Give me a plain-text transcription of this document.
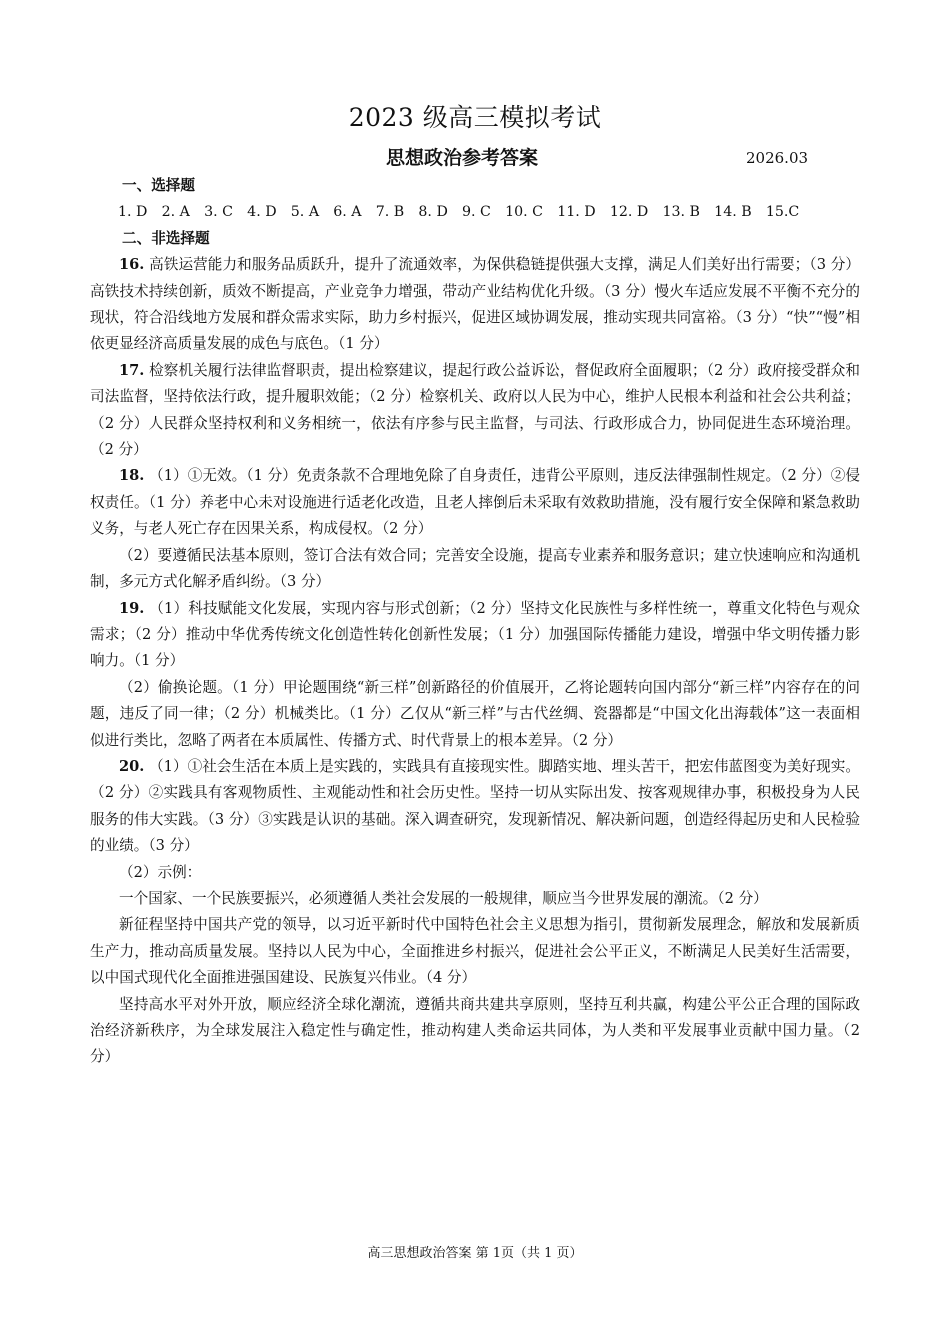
2023 级高三模拟考试
思想政治参考答案	2026.03
一、选择题
1. D　2. A　3. C　4. D　5. A　6. A　7. B　8. D　9. C　10. C　11. D　12. D　13. B　14. B　15.C
二、非选择题

16. 高铁运营能力和服务品质跃升，提升了流通效率，为保供稳链提供强大支撑，满足人们美好出行需要；（3 分）高铁技术持续创新，质效不断提高，产业竞争力增强，带动产业结构优化升级。（3 分）慢火车适应发展不平衡不充分的现状，符合沿线地方发展和群众需求实际，助力乡村振兴，促进区域协调发展，推动实现共同富裕。（3 分）“快”“慢”相依更显经济高质量发展的成色与底色。（1 分）

17. 检察机关履行法律监督职责，提出检察建议，提起行政公益诉讼，督促政府全面履职；（2 分）政府接受群众和司法监督，坚持依法行政，提升履职效能；（2 分）检察机关、政府以人民为中心，维护人民根本利益和社会公共利益；（2 分）人民群众坚持权利和义务相统一，依法有序参与民主监督，与司法、行政形成合力，协同促进生态环境治理。（2 分）

18. （1）①无效。（1 分）免责条款不合理地免除了自身责任，违背公平原则，违反法律强制性规定。（2 分）②侵权责任。（1 分）养老中心未对设施进行适老化改造，且老人摔倒后未采取有效救助措施，没有履行安全保障和紧急救助义务，与老人死亡存在因果关系，构成侵权。（2 分）

（2）要遵循民法基本原则，签订合法有效合同；完善安全设施，提高专业素养和服务意识；建立快速响应和沟通机制，多元方式化解矛盾纠纷。（3 分）

19. （1）科技赋能文化发展，实现内容与形式创新；（2 分）坚持文化民族性与多样性统一，尊重文化特色与观众需求；（2 分）推动中华优秀传统文化创造性转化创新性发展；（1 分）加强国际传播能力建设，增强中华文明传播力影响力。（1 分）

（2）偷换论题。（1 分）甲论题围绕“新三样”创新路径的价值展开，乙将论题转向国内部分“新三样”内容存在的问题，违反了同一律；（2 分）机械类比。（1 分）乙仅从“新三样”与古代丝绸、瓷器都是“中国文化出海载体”这一表面相似进行类比，忽略了两者在本质属性、传播方式、时代背景上的根本差异。（2 分）

20. （1）①社会生活在本质上是实践的，实践具有直接现实性。脚踏实地、埋头苦干，把宏伟蓝图变为美好现实。（2 分）②实践具有客观物质性、主观能动性和社会历史性。坚持一切从实际出发、按客观规律办事，积极投身为人民服务的伟大实践。（3 分）③实践是认识的基础。深入调查研究，发现新情况、解决新问题，创造经得起历史和人民检验的业绩。（3 分）

（2）示例：

一个国家、一个民族要振兴，必须遵循人类社会发展的一般规律，顺应当今世界发展的潮流。（2 分）

新征程坚持中国共产党的领导，以习近平新时代中国特色社会主义思想为指引，贯彻新发展理念，解放和发展新质生产力，推动高质量发展。坚持以人民为中心，全面推进乡村振兴，促进社会公平正义，不断满足人民美好生活需要，以中国式现代化全面推进强国建设、民族复兴伟业。（4 分）

坚持高水平对外开放，顺应经济全球化潮流，遵循共商共建共享原则，坚持互利共赢，构建公平公正合理的国际政治经济新秩序，为全球发展注入稳定性与确定性，推动构建人类命运共同体，为人类和平发展事业贡献中国力量。（2 分）

高三思想政治答案 第 1页（共 1 页）
